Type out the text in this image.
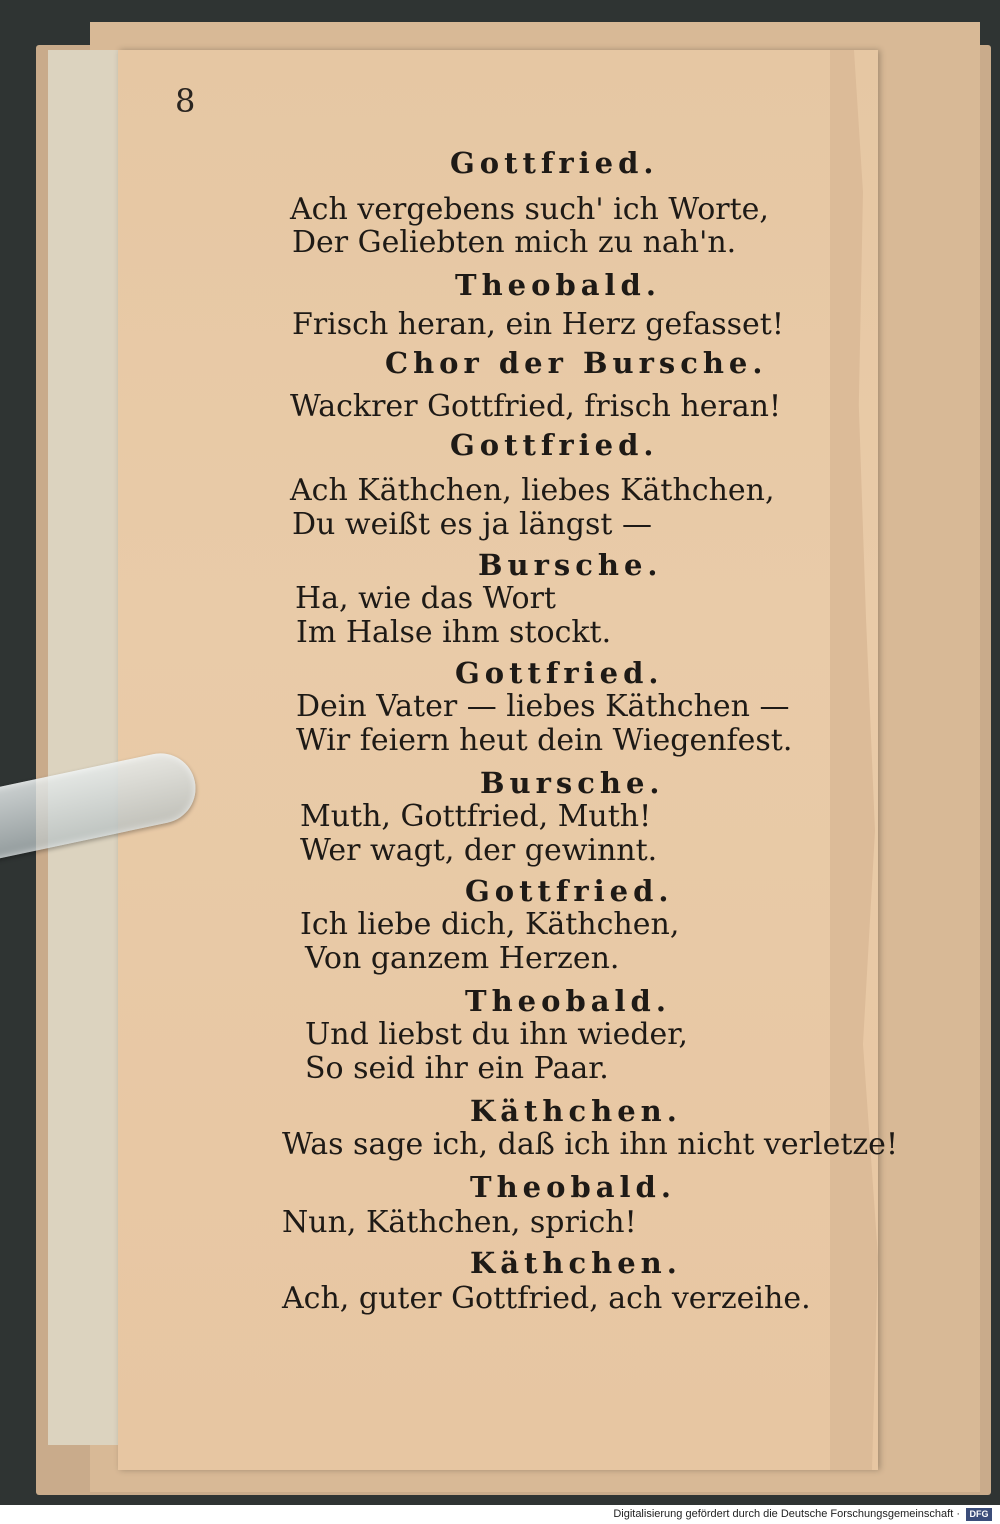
8
Gottfried.
Ach vergebens such' ich Worte,
Der Geliebten mich zu nah'n.
Theobald.
Frisch heran, ein Herz gefasset!
Chor der Bursche.
Wackrer Gottfried, frisch heran!
Gottfried.
Ach Käthchen, liebes Käthchen,
Du weißt es ja längst —
Bursche.
Ha, wie das Wort
Im Halse ihm stockt.
Gottfried.
Dein Vater — liebes Käthchen —
Wir feiern heut dein Wiegenfest.
Bursche.
Muth, Gottfried, Muth!
Wer wagt, der gewinnt.
Gottfried.
Ich liebe dich, Käthchen,
Von ganzem Herzen.
Theobald.
Und liebst du ihn wieder,
So seid ihr ein Paar.
Käthchen.
Was sage ich, daß ich ihn nicht verletze!
Theobald.
Nun, Käthchen, sprich!
Käthchen.
Ach, guter Gottfried, ach verzeihe.
Digitalisierung gefördert durch die Deutsche Forschungsgemeinschaft ·	DFG
